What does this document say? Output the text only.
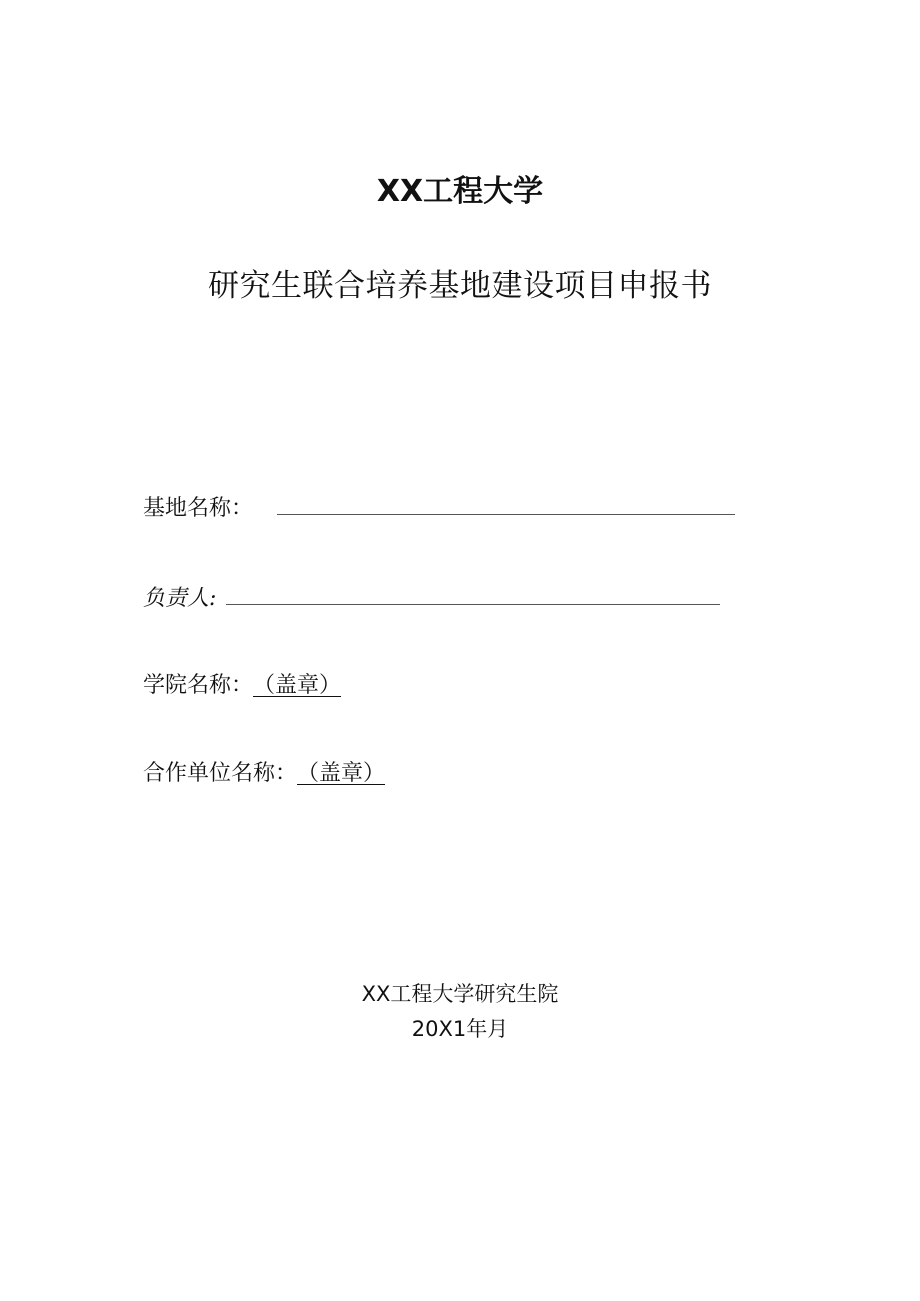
XX工程大学
研究生联合培养基地建设项目申报书
基地名称：
负责人:
学院名称： （盖章）
合作单位名称： （盖章）
XX工程大学研究生院
20X1年月
